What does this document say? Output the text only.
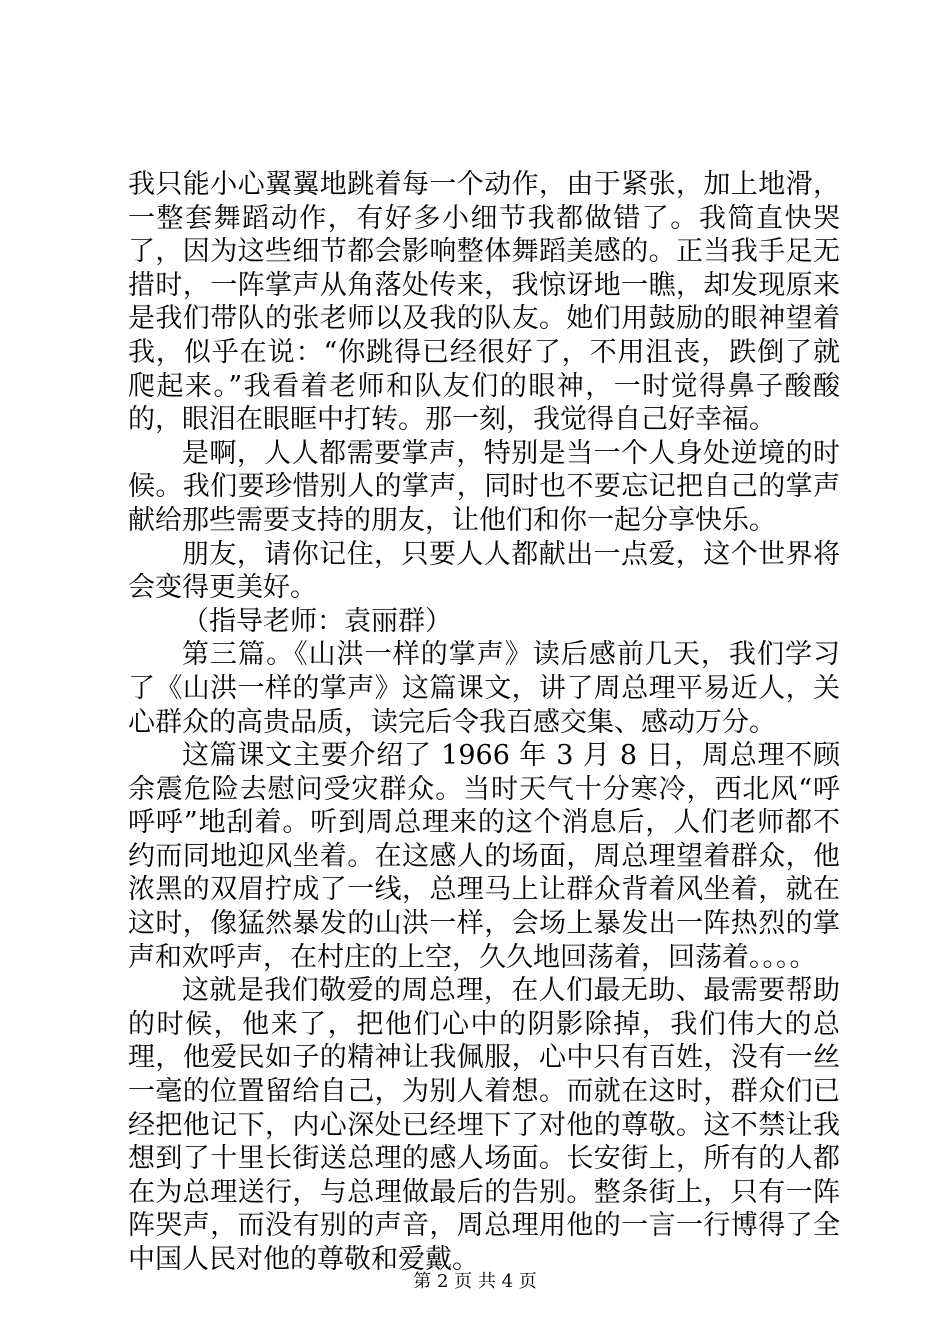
我只能小心翼翼地跳着每一个动作，由于紧张，加上地滑，一整套舞蹈动作，有好多小细节我都做错了。我简直快哭了，因为这些细节都会影响整体舞蹈美感的。正当我手足无措时，一阵掌声从角落处传来，我惊讶地一瞧，却发现原来是我们带队的张老师以及我的队友。她们用鼓励的眼神望着我，似乎在说：“你跳得已经很好了，不用沮丧，跌倒了就爬起来。”我看着老师和队友们的眼神，一时觉得鼻子酸酸的，眼泪在眼眶中打转。那一刻，我觉得自己好幸福。

是啊，人人都需要掌声，特别是当一个人身处逆境的时候。我们要珍惜别人的掌声，同时也不要忘记把自己的掌声献给那些需要支持的朋友，让他们和你一起分享快乐。

朋友，请你记住，只要人人都献出一点爱，这个世界将会变得更美好。

（指导老师：袁丽群）

第三篇。《山洪一样的掌声》读后感前几天，我们学习了《山洪一样的掌声》这篇课文，讲了周总理平易近人，关心群众的高贵品质，读完后令我百感交集、感动万分。

这篇课文主要介绍了 1966 年 3 月 8 日，周总理不顾余震危险去慰问受灾群众。当时天气十分寒冷，西北风“呼呼呼”地刮着。听到周总理来的这个消息后，人们老师都不约而同地迎风坐着。在这感人的场面，周总理望着群众，他浓黑的双眉拧成了一线，总理马上让群众背着风坐着，就在这时，像猛然暴发的山洪一样，会场上暴发出一阵热烈的掌声和欢呼声，在村庄的上空，久久地回荡着，回荡着。。。。

这就是我们敬爱的周总理，在人们最无助、最需要帮助的时候，他来了，把他们心中的阴影除掉，我们伟大的总理，他爱民如子的精神让我佩服，心中只有百姓，没有一丝一毫的位置留给自己，为别人着想。而就在这时，群众们已经把他记下，内心深处已经埋下了对他的尊敬。这不禁让我想到了十里长街送总理的感人场面。长安街上，所有的人都在为总理送行，与总理做最后的告别。整条街上，只有一阵阵哭声，而没有别的声音，周总理用他的一言一行博得了全中国人民对他的尊敬和爱戴。

第 2 页 共 4 页
